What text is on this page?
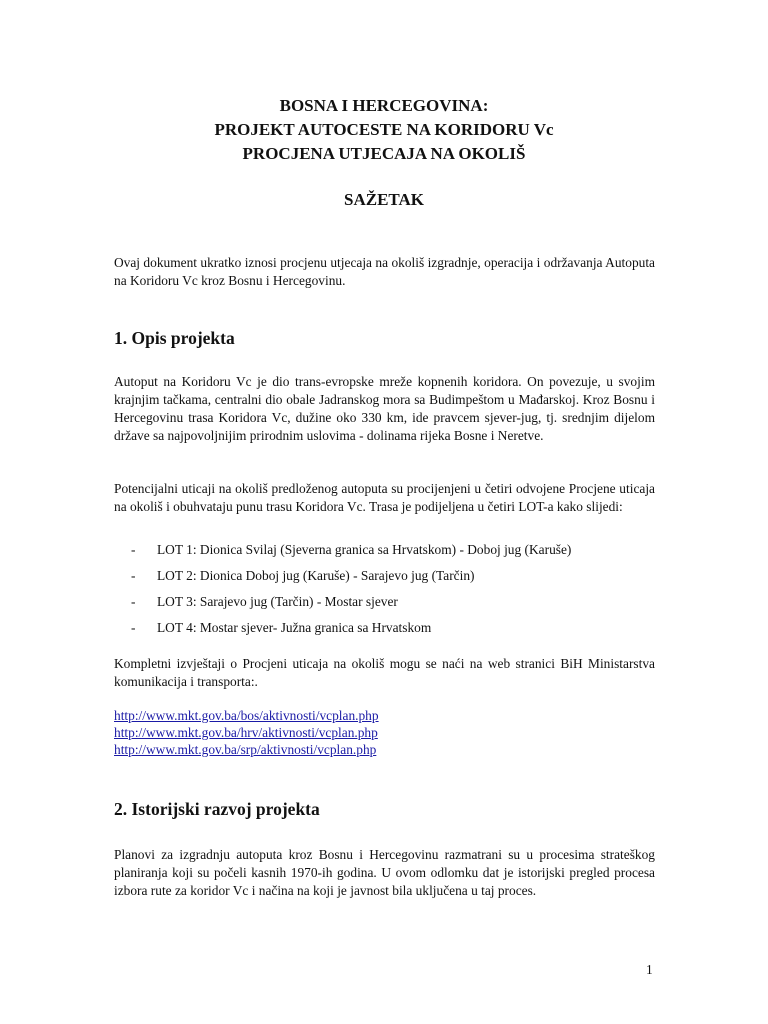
BOSNA I HERCEGOVINA:
PROJEKT AUTOCESTE NA KORIDORU Vc
PROCJENA UTJECAJA NA OKOLIŠ
SAŽETAK

Ovaj dokument ukratko iznosi procjenu utjecaja na okoliš izgradnje, operacija i održavanja Autoputa na Koridoru Vc kroz Bosnu i Hercegovinu.

1. Opis projekta

Autoput na Koridoru Vc je dio trans-evropske mreže kopnenih koridora. On povezuje, u svojim krajnjim tačkama, centralni dio obale Jadranskog mora sa Budimpeštom u Mađarskoj. Kroz Bosnu i Hercegovinu trasa Koridora Vc, dužine oko 330 km, ide pravcem sjever-jug, tj. srednjim dijelom države sa najpovoljnijim prirodnim uslovima - dolinama rijeka Bosne i Neretve.

Potencijalni uticaji na okoliš predloženog autoputa su procijenjeni u četiri odvojene Procjene uticaja na okoliš i obuhvataju punu trasu Koridora Vc. Trasa je podijeljena u četiri LOT-a kako slijedi:

- LOT 1: Dionica Svilaj (Sjeverna granica sa Hrvatskom) - Doboj jug (Karuše)
- LOT 2: Dionica Doboj jug (Karuše) - Sarajevo jug (Tarčin)
- LOT 3: Sarajevo jug (Tarčin) - Mostar sjever
- LOT 4: Mostar sjever- Južna granica sa Hrvatskom

Kompletni izvještaji o Procjeni uticaja na okoliš mogu se naći na web stranici BiH Ministarstva komunikacija i transporta:.

http://www.mkt.gov.ba/bos/aktivnosti/vcplan.php
http://www.mkt.gov.ba/hrv/aktivnosti/vcplan.php
http://www.mkt.gov.ba/srp/aktivnosti/vcplan.php
2. Istorijski razvoj projekta

Planovi za izgradnju autoputa kroz Bosnu i Hercegovinu razmatrani su u procesima strateškog planiranja koji su počeli kasnih 1970-ih godina. U ovom odlomku dat je istorijski pregled procesa izbora rute za koridor Vc i načina na koji je javnost bila uključena u taj proces.

1
